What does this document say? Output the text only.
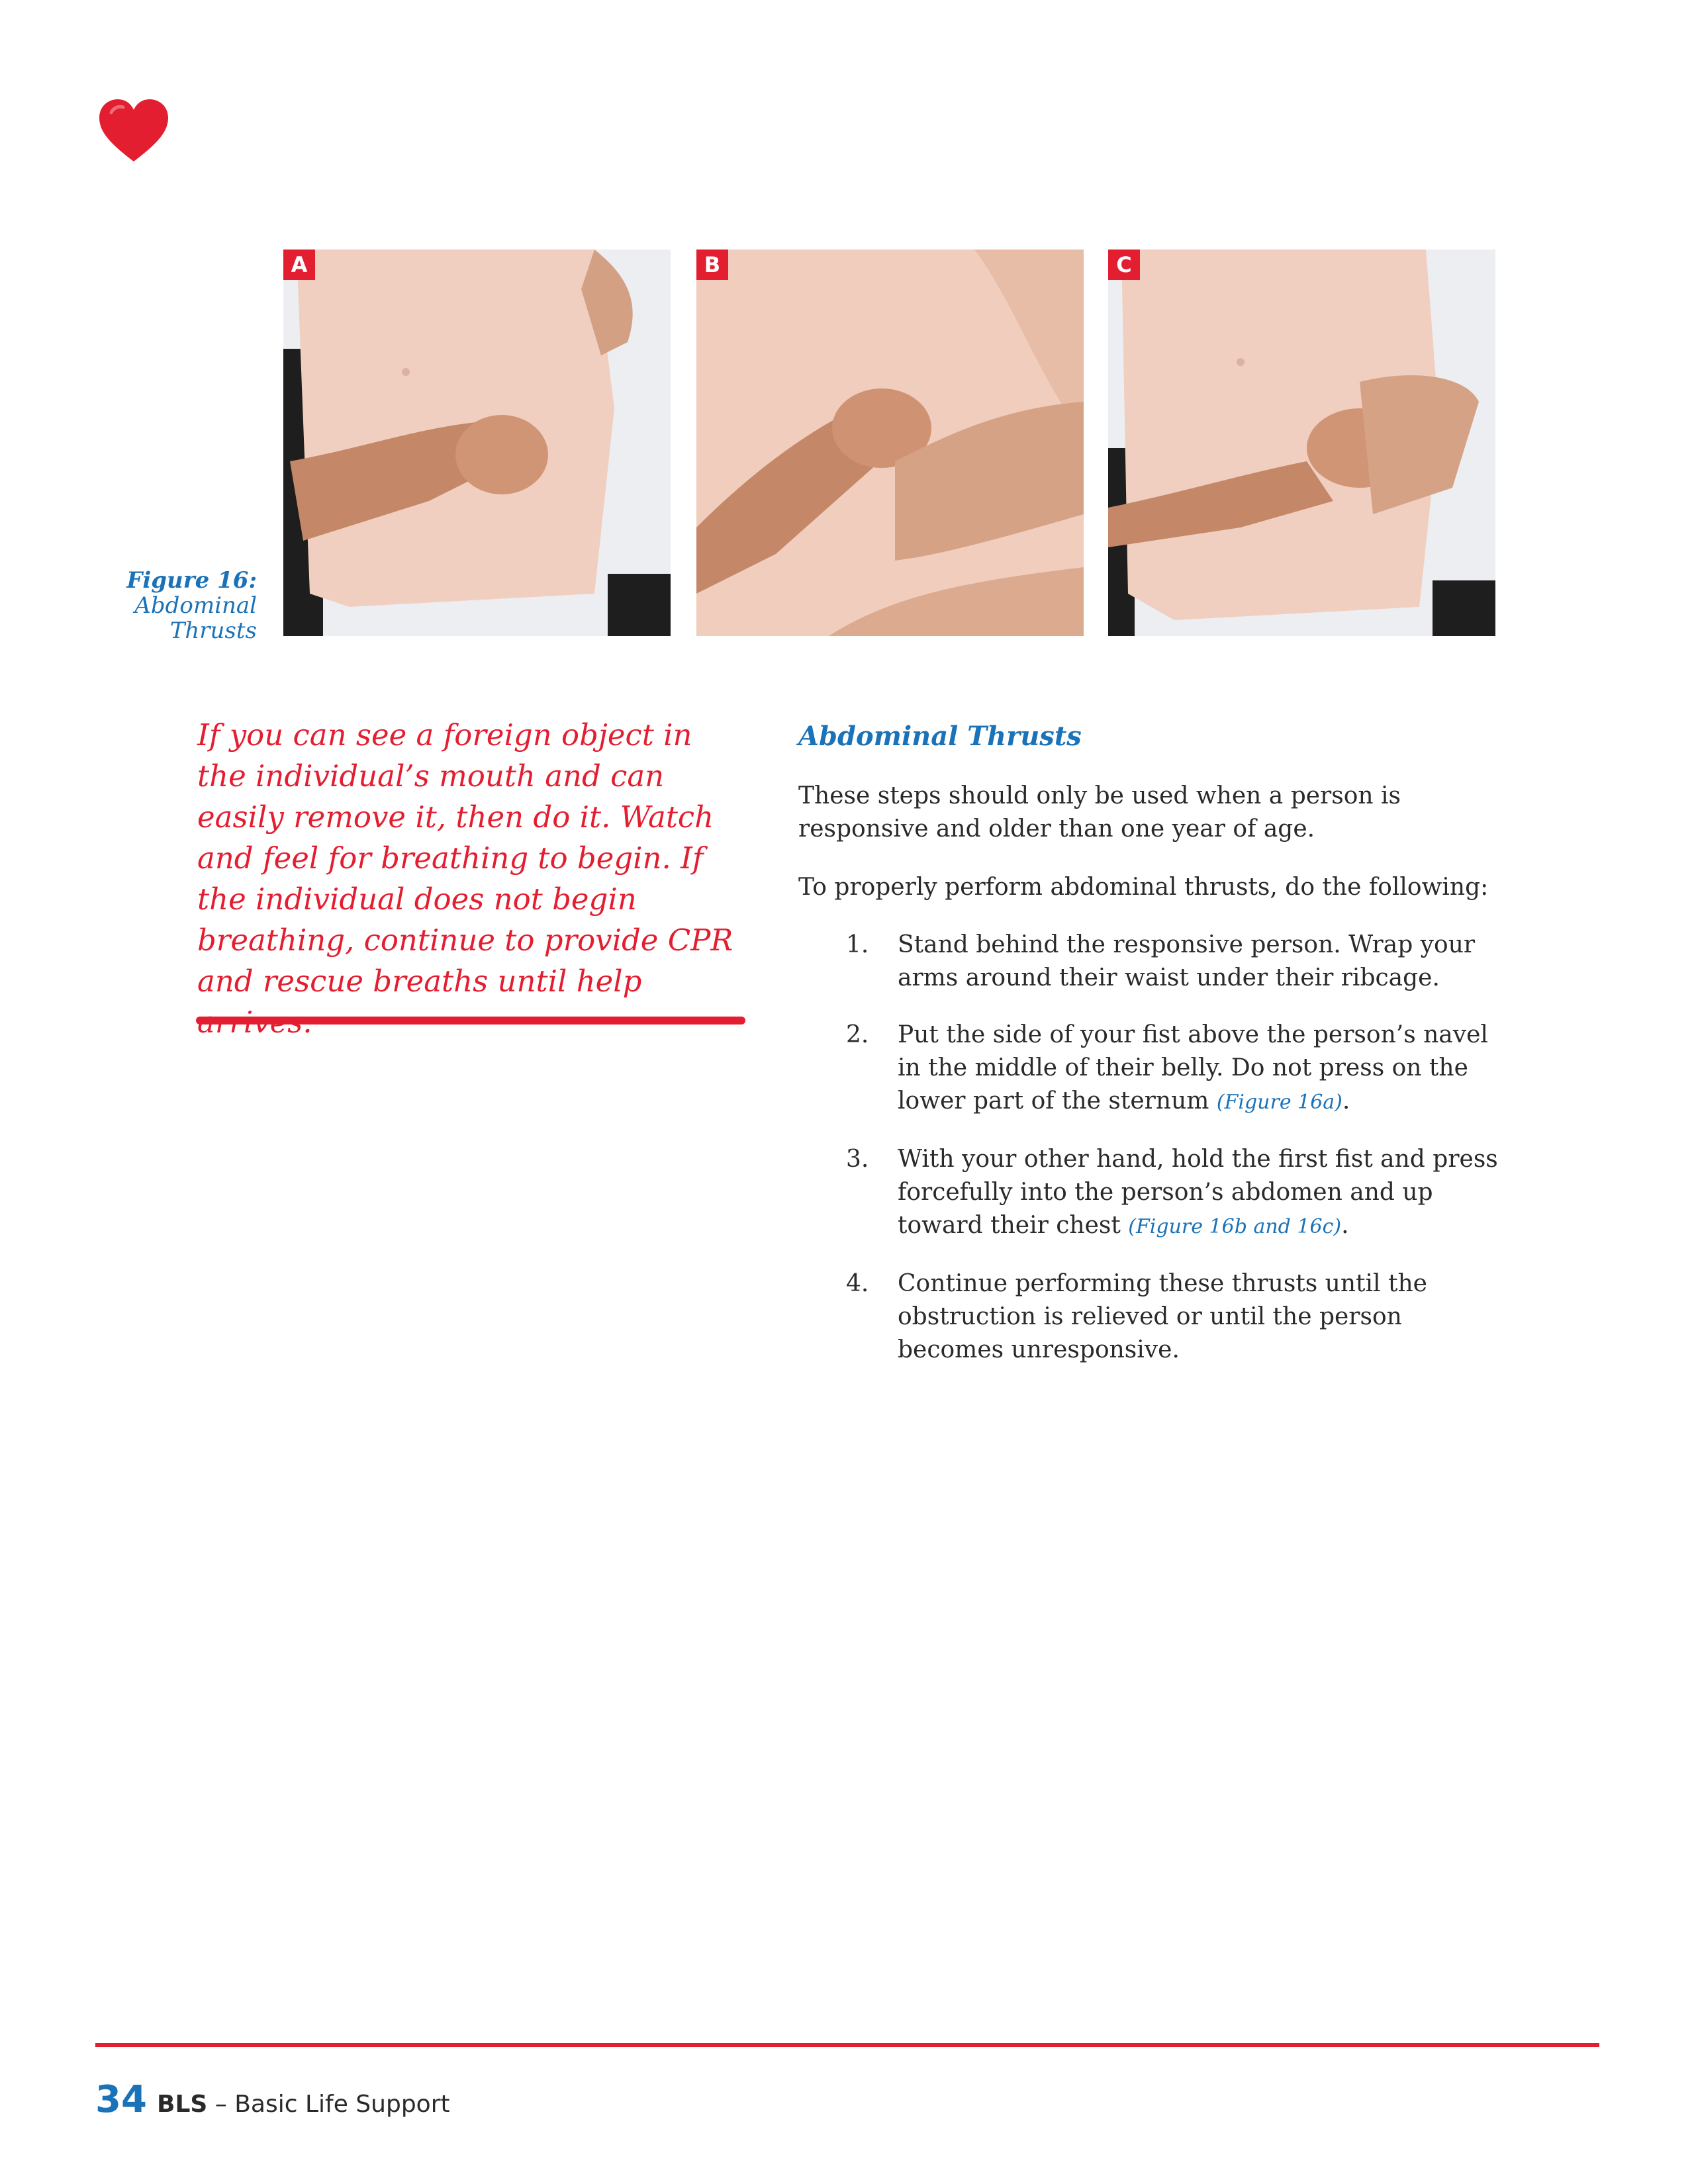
Figure 16:
Abdominal
Thrusts
A	B	C
If you can see a foreign object in the individual’s mouth and can easily remove it, then do it. Watch and feel for breathing to begin. If the individual does not begin breathing, continue to provide CPR and rescue breaths until help
Abdominal Thrusts

These steps should only be used when a person is responsive and older than one year of age.

To properly perform abdominal thrusts, do the following:

1. Stand behind the responsive person. Wrap your arms around their waist under their ribcage.
2. Put the side of your fist above the person’s navel in the middle of their belly. Do not press on the lower part of the sternum (Figure 16a).
3. With your other hand, hold the first fist and press forcefully into the person’s abdomen and up toward their chest (Figure 16b and 16c).
4. Continue performing these thrusts until the obstruction is relieved or until the person becomes unresponsive.
34 BLS – Basic Life Support
